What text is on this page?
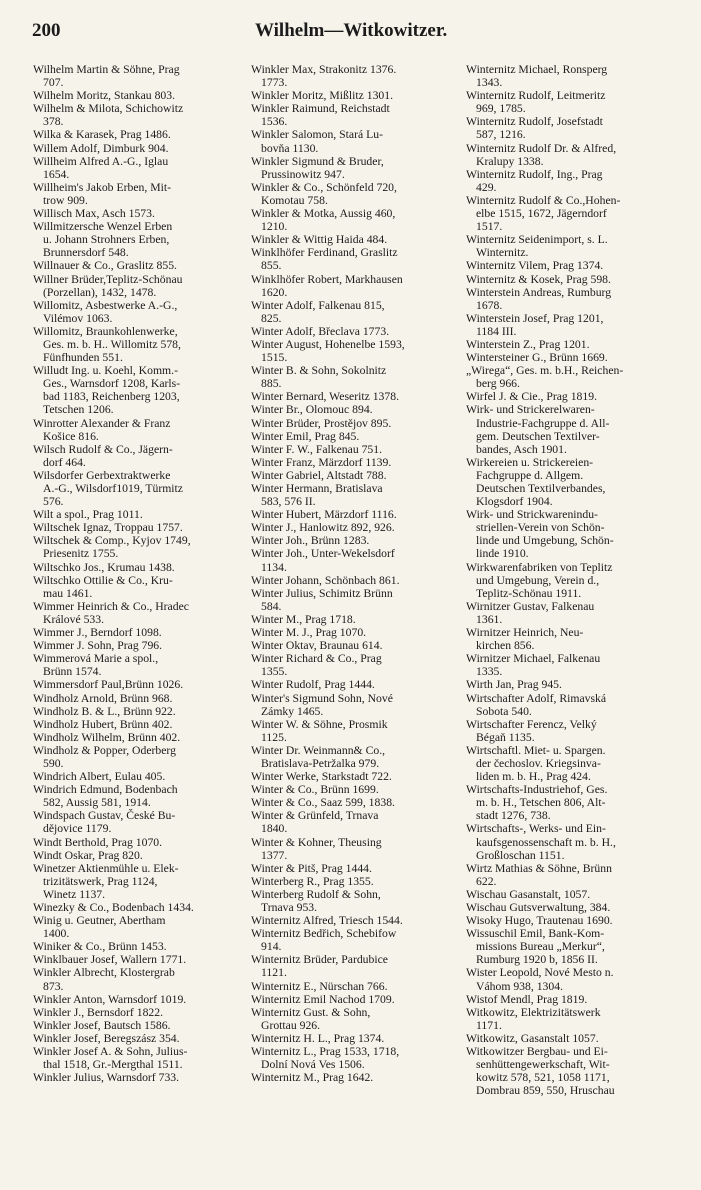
200	Wilhelm—Witkowitzer.
Wilhelm Martin & Söhne, Prag
707.
Wilhelm Moritz, Stankau 803.
Wilhelm & Milota, Schichowitz
378.
Wilka & Karasek, Prag 1486.
Willem Adolf, Dimburk 904.
Willheim Alfred A.-G., Iglau
1654.
Willheim's Jakob Erben, Mit-
trow 909.
Willisch Max, Asch 1573.
Willmitzersche Wenzel Erben
u. Johann Strohners Erben,
Brunnersdorf 548.
Willnauer & Co., Graslitz 855.
Willner Brüder,Teplitz-Schönau
(Porzellan), 1432, 1478.
Willomitz, Asbestwerke A.-G.,
Vilémov 1063.
Willomitz, Braunkohlenwerke,
Ges. m. b. H.. Willomitz 578,
Fünfhunden 551.
Willudt Ing. u. Koehl, Komm.-
Ges., Warnsdorf 1208, Karls-
bad 1183, Reichenberg 1203,
Tetschen 1206.
Winrotter Alexander & Franz
Košice 816.
Wilsch Rudolf & Co., Jägern-
dorf 464.
Wilsdorfer Gerbextraktwerke
A.-G., Wilsdorf1019, Türmitz
576.
Wilt a spol., Prag 1011.
Wiltschek Ignaz, Troppau 1757.
Wiltschek & Comp., Kyjov 1749,
Priesenitz 1755.
Wiltschko Jos., Krumau 1438.
Wiltschko Ottilie & Co., Kru-
mau 1461.
Wimmer Heinrich & Co., Hradec
Králové 533.
Wimmer J., Berndorf 1098.
Wimmer J. Sohn, Prag 796.
Wimmerová Marie a spol.,
Brünn 1574.
Wimmersdorf Paul,Brünn 1026.
Windholz Arnold, Brünn 968.
Windholz B. & L., Brünn 922.
Windholz Hubert, Brünn 402.
Windholz Wilhelm, Brünn 402.
Windholz & Popper, Oderberg
590.
Windrich Albert, Eulau 405.
Windrich Edmund, Bodenbach
582, Aussig 581, 1914.
Windspach Gustav, České Bu-
dějovice 1179.
Windt Berthold, Prag 1070.
Windt Oskar, Prag 820.
Winetzer Aktienmühle u. Elek-
trizitätswerk, Prag 1124,
Winetz 1137.
Winezky & Co., Bodenbach 1434.
Winig u. Geutner, Abertham
1400.
Winiker & Co., Brünn 1453.
Winklbauer Josef, Wallern 1771.
Winkler Albrecht, Klostergrab
873.
Winkler Anton, Warnsdorf 1019.
Winkler J., Bernsdorf 1822.
Winkler Josef, Bautsch 1586.
Winkler Josef, Beregszász 354.
Winkler Josef A. & Sohn, Julius-
thal 1518, Gr.-Mergthal 1511.
Winkler Julius, Warnsdorf 733.
Winkler Max, Strakonitz 1376.
1773.
Winkler Moritz, Mißlitz 1301.
Winkler Raimund, Reichstadt
1536.
Winkler Salomon, Stará Lu-
bovňa 1130.
Winkler Sigmund & Bruder,
Prussinowitz 947.
Winkler & Co., Schönfeld 720,
Komotau 758.
Winkler & Motka, Aussig 460,
1210.
Winkler & Wittig Haida 484.
Winklhöfer Ferdinand, Graslitz
855.
Winklhöfer Robert, Markhausen
1620.
Winter Adolf, Falkenau 815,
825.
Winter Adolf, Břeclava 1773.
Winter August, Hohenelbe 1593,
1515.
Winter B. & Sohn, Sokolnitz
885.
Winter Bernard, Weseritz 1378.
Winter Br., Olomouc 894.
Winter Brüder, Prostějov 895.
Winter Emil, Prag 845.
Winter F. W., Falkenau 751.
Winter Franz, Märzdorf 1139.
Winter Gabriel, Altstadt 788.
Winter Hermann, Bratislava
583, 576 II.
Winter Hubert, Märzdorf 1116.
Winter J., Hanlowitz 892, 926.
Winter Joh., Brünn 1283.
Winter Joh., Unter-Wekelsdorf
1134.
Winter Johann, Schönbach 861.
Winter Julius, Schimitz Brünn
584.
Winter M., Prag 1718.
Winter M. J., Prag 1070.
Winter Oktav, Braunau 614.
Winter Richard & Co., Prag
1355.
Winter Rudolf, Prag 1444.
Winter's Sigmund Sohn, Nové
Zámky 1465.
Winter W. & Söhne, Prosmik
1125.
Winter Dr. Weinmann& Co.,
Bratislava-Petržalka 979.
Winter Werke, Starkstadt 722.
Winter & Co., Brünn 1699.
Winter & Co., Saaz 599, 1838.
Winter & Grünfeld, Trnava
1840.
Winter & Kohner, Theusing
1377.
Winter & Pitš, Prag 1444.
Winterberg R., Prag 1355.
Winterberg Rudolf & Sohn,
Trnava 953.
Winternitz Alfred, Triesch 1544.
Winternitz Bedřich, Schebifow
914.
Winternitz Brüder, Pardubice
1121.
Winternitz E., Nürschan 766.
Winternitz Emil Nachod 1709.
Winternitz Gust. & Sohn,
Grottau 926.
Winternitz H. L., Prag 1374.
Winternitz L., Prag 1533, 1718,
Dolní Nová Ves 1506.
Winternitz M., Prag 1642.
Winternitz Michael, Ronsperg
1343.
Winternitz Rudolf, Leitmeritz
969, 1785.
Winternitz Rudolf, Josefstadt
587, 1216.
Winternitz Rudolf Dr. & Alfred,
Kralupy 1338.
Winternitz Rudolf, Ing., Prag
429.
Winternitz Rudolf & Co.,Hohen-
elbe 1515, 1672, Jägerndorf
1517.
Winternitz Seidenimport, s. L.
Winternitz.
Winternitz Vilem, Prag 1374.
Winternitz & Kosek, Prag 598.
Winterstein Andreas, Rumburg
1678.
Winterstein Josef, Prag 1201,
1184 III.
Winterstein Z., Prag 1201.
Wintersteiner G., Brünn 1669.
„Wirega“, Ges. m. b.H., Reichen-
berg 966.
Wirfel J. & Cie., Prag 1819.
Wirk- und Strickerelwaren-
Industrie-Fachgruppe d. All-
gem. Deutschen Textilver-
bandes, Asch 1901.
Wirkereien u. Strickereien-
Fachgruppe d. Allgem.
Deutschen Textilverbandes,
Klogsdorf 1904.
Wirk- und Strickwarenindu-
striellen-Verein von Schön-
linde und Umgebung, Schön-
linde 1910.
Wirkwarenfabriken von Teplitz
und Umgebung, Verein d.,
Teplitz-Schönau 1911.
Wirnitzer Gustav, Falkenau
1361.
Wirnitzer Heinrich, Neu-
kirchen 856.
Wirnitzer Michael, Falkenau
1335.
Wirth Jan, Prag 945.
Wirtschafter Adolf, Rimavská
Sobota 540.
Wirtschafter Ferencz, Velký
Bégaň 1135.
Wirtschaftl. Miet- u. Spargen.
der čechoslov. Kriegsinva-
liden m. b. H., Prag 424.
Wirtschafts-Industriehof, Ges.
m. b. H., Tetschen 806, Alt-
stadt 1276, 738.
Wirtschafts-, Werks- und Ein-
kaufsgenossenschaft m. b. H.,
Großloschan 1151.
Wirtz Mathias & Söhne, Brünn
622.
Wischau Gasanstalt, 1057.
Wischau Gutsverwaltung, 384.
Wisoky Hugo, Trautenau 1690.
Wissuschil Emil, Bank-Kom-
missions Bureau „Merkur“,
Rumburg 1920 b, 1856 II.
Wister Leopold, Nové Mesto n.
Váhom 938, 1304.
Wistof Mendl, Prag 1819.
Witkowitz, Elektrizitätswerk
1171.
Witkowitz, Gasanstalt 1057.
Witkowitzer Bergbau- und Ei-
senhüttengewerkschaft, Wit-
kowitz 578, 521, 1058 1171,
Dombrau 859, 550, Hruschau
